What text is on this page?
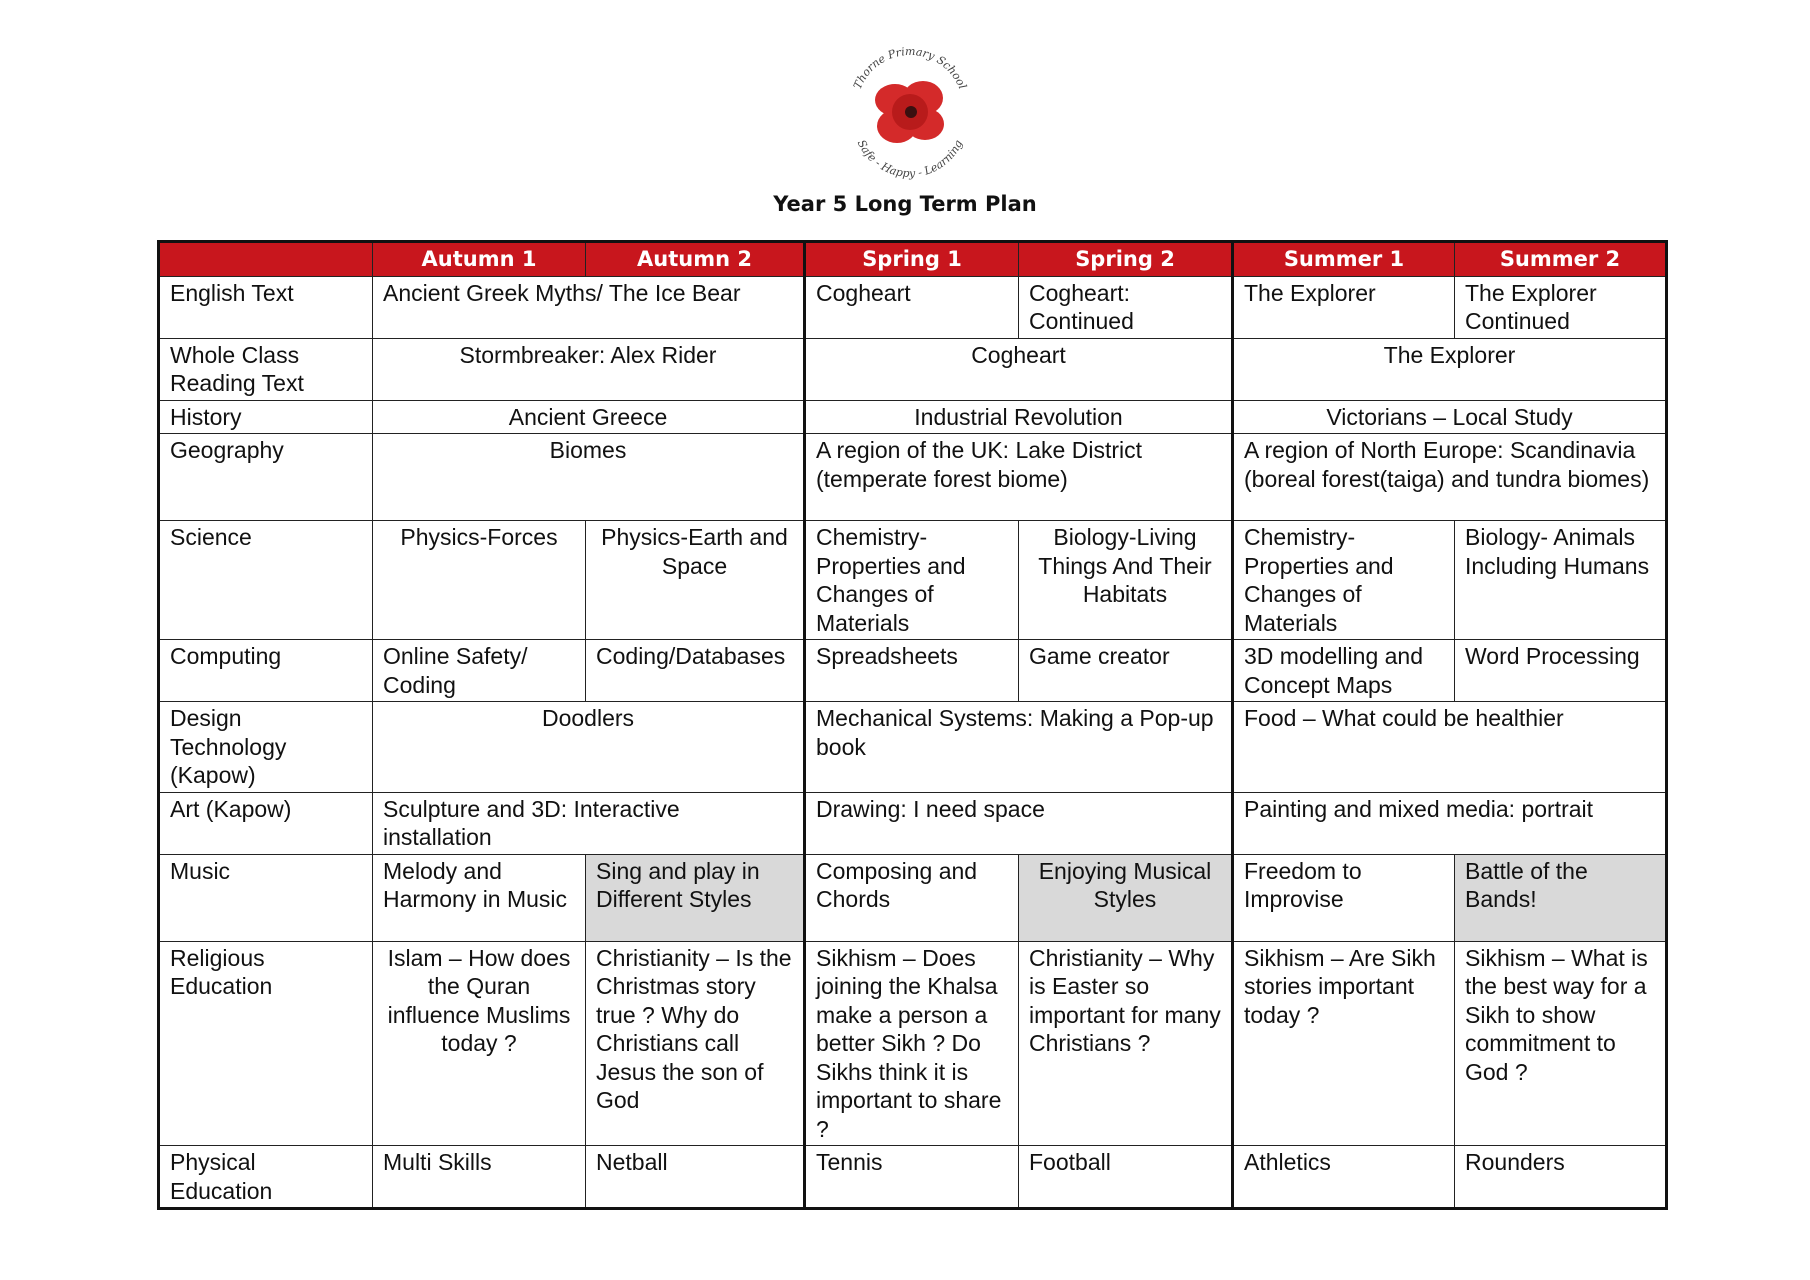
Thorne Primary School
Safe - Happy - Learning
Year 5 Long Term Plan
	Autumn 1	Autumn 2	Spring 1	Spring 2	Summer 1	Summer 2
English Text	Ancient Greek Myths/ The Ice Bear		Cogheart	Cogheart: Continued	The Explorer	The Explorer Continued
Whole Class Reading Text	Stormbreaker: Alex Rider		Cogheart		The Explorer	
History	Ancient Greece		Industrial Revolution		Victorians – Local Study	
Geography	Biomes		A region of the UK: Lake District (temperate forest biome)		A region of North Europe: Scandinavia (boreal forest(taiga) and tundra biomes)	
Science	Physics-Forces	Physics-Earth and Space	Chemistry-Properties and Changes of Materials	Biology-Living Things And Their Habitats	Chemistry-Properties and Changes of Materials	Biology- Animals Including Humans
Computing	Online Safety/ Coding	Coding/Databases	Spreadsheets	Game creator	3D modelling and Concept Maps	Word Processing
Design Technology (Kapow)	Doodlers		Mechanical Systems: Making a Pop-up book		Food – What could be healthier	
Art (Kapow)	Sculpture and 3D: Interactive installation		Drawing: I need space		Painting and mixed media: portrait	
Music	Melody and Harmony in Music	Sing and play in Different Styles	Composing and Chords	Enjoying Musical Styles	Freedom to Improvise	Battle of the Bands!
Religious Education	Islam – How does the Quran influence Muslims today ?	Christianity – Is the Christmas story true ? Why do Christians call Jesus the son of God	Sikhism – Does joining the Khalsa make a person a better Sikh ? Do Sikhs think it is important to share ?	Christianity – Why is Easter so important for many Christians ?	Sikhism – Are Sikh stories important today ?	Sikhism – What is the best way for a Sikh to show commitment to God ?
Physical Education	Multi Skills	Netball	Tennis	Football	Athletics	Rounders
